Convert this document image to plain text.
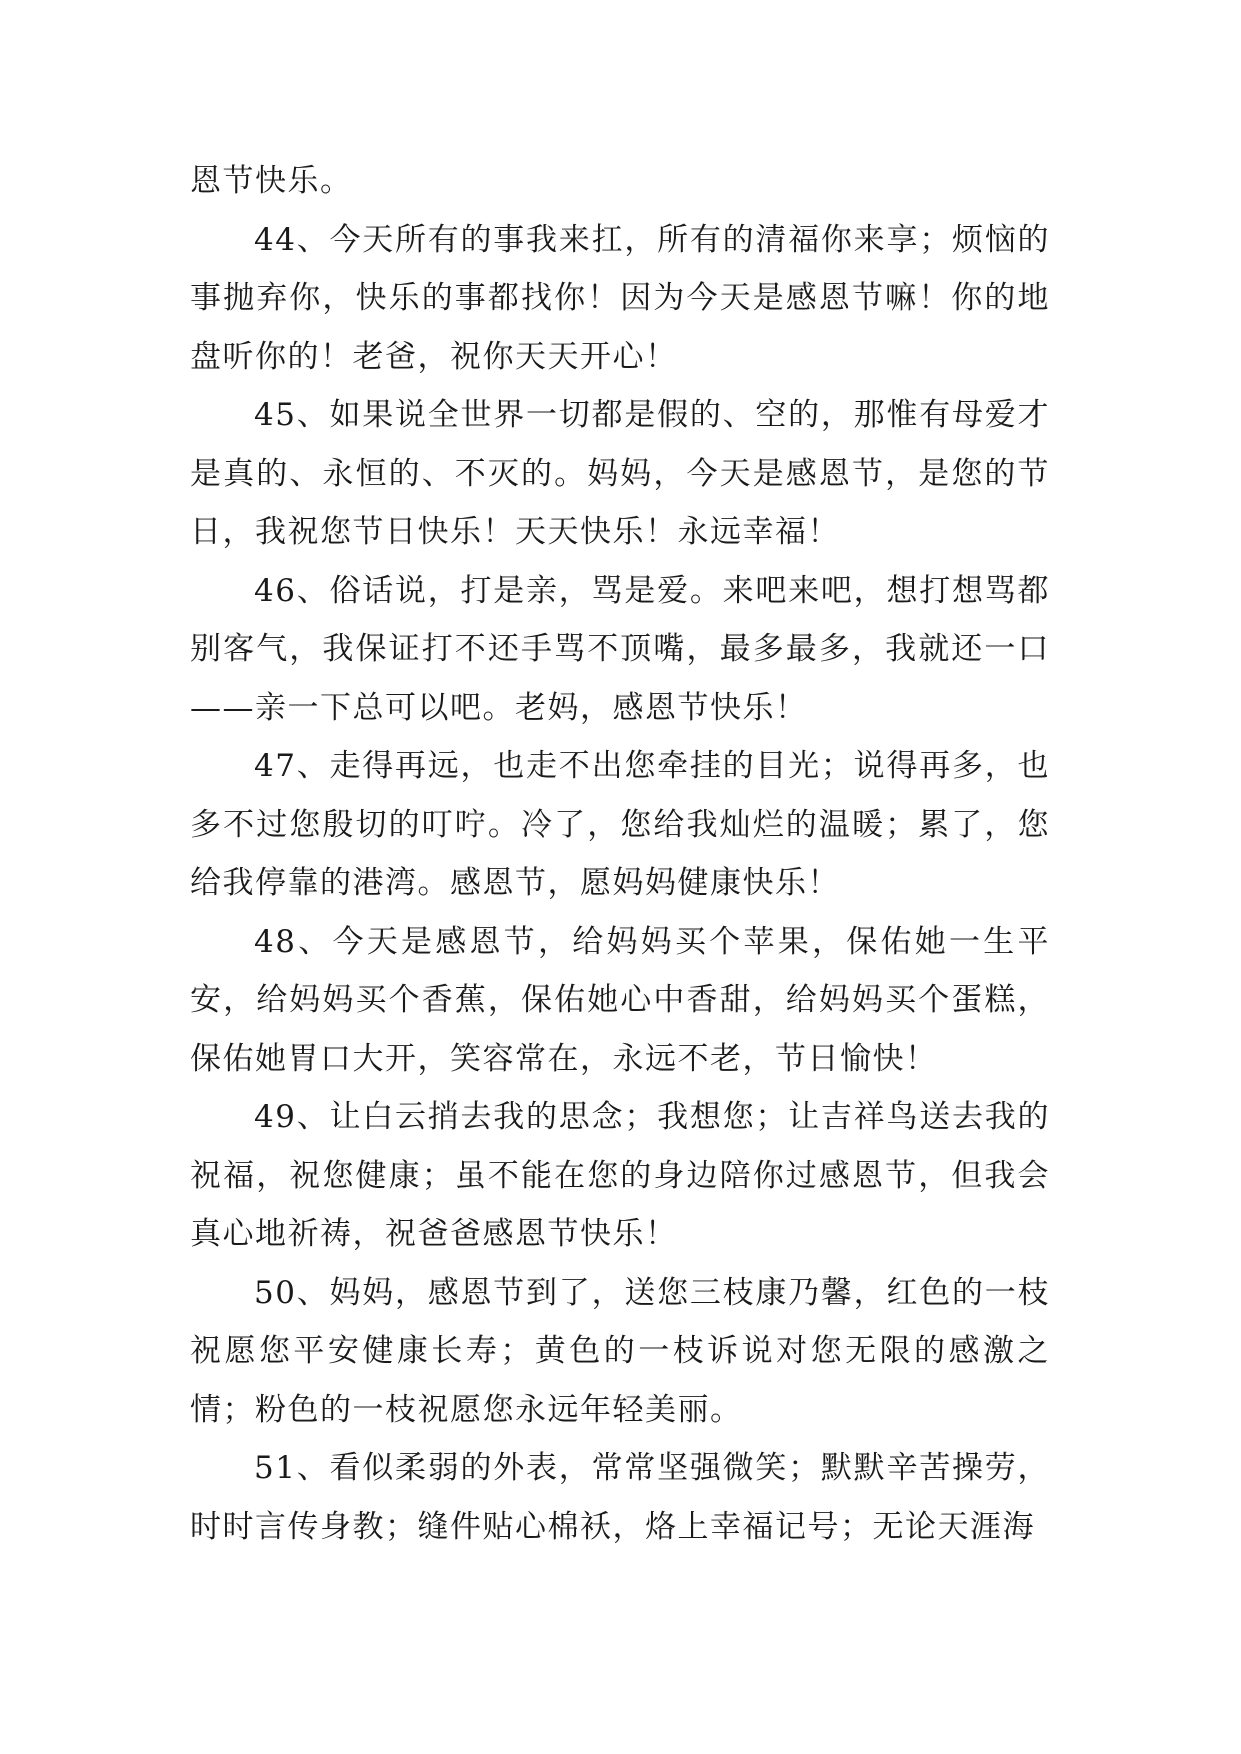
恩节快乐。

44、今天所有的事我来扛，所有的清福你来享；烦恼的事抛弃你，快乐的事都找你！因为今天是感恩节嘛！你的地盘听你的！老爸，祝你天天开心！

45、如果说全世界一切都是假的、空的，那惟有母爱才是真的、永恒的、不灭的。妈妈，今天是感恩节，是您的节日，我祝您节日快乐！天天快乐！永远幸福！

46、俗话说，打是亲，骂是爱。来吧来吧，想打想骂都别客气，我保证打不还手骂不顶嘴，最多最多，我就还一口——亲一下总可以吧。老妈，感恩节快乐！

47、走得再远，也走不出您牵挂的目光；说得再多，也多不过您殷切的叮咛。冷了，您给我灿烂的温暖；累了，您给我停靠的港湾。感恩节，愿妈妈健康快乐！

48、今天是感恩节，给妈妈买个苹果，保佑她一生平安，给妈妈买个香蕉，保佑她心中香甜，给妈妈买个蛋糕，保佑她胃口大开，笑容常在，永远不老，节日愉快！

49、让白云捎去我的思念；我想您；让吉祥鸟送去我的祝福，祝您健康；虽不能在您的身边陪你过感恩节，但我会真心地祈祷，祝爸爸感恩节快乐！

50、妈妈，感恩节到了，送您三枝康乃馨，红色的一枝祝愿您平安健康长寿；黄色的一枝诉说对您无限的感激之情；粉色的一枝祝愿您永远年轻美丽。

51、看似柔弱的外表，常常坚强微笑；默默辛苦操劳，时时言传身教；缝件贴心棉袄，烙上幸福记号；无论天涯海
